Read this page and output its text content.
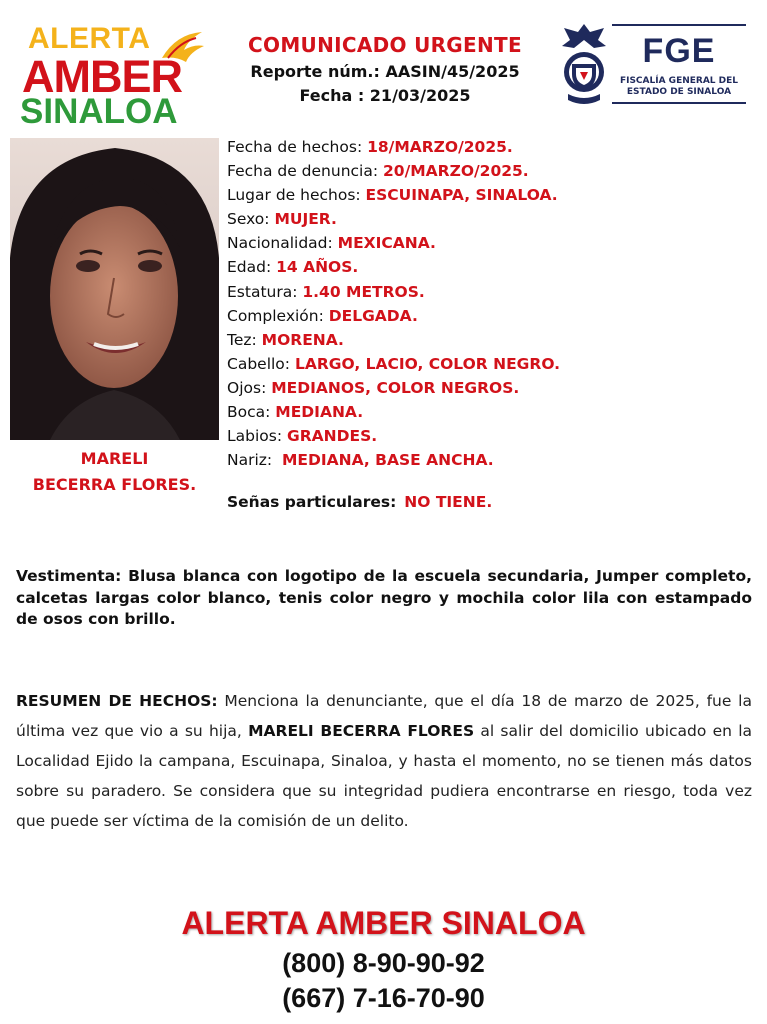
ALERTA
AMBER
SINALOA
COMUNICADO URGENTE
Reporte núm.: AASIN/45/2025
Fecha : 21/03/2025
FGE
FISCALÍA GENERAL DEL
ESTADO DE SINALOA
MARELI
BECERRA FLORES.
Fecha de hechos: 18/MARZO/2025.
Fecha de denuncia: 20/MARZO/2025.
Lugar de hechos: ESCUINAPA, SINALOA.
Sexo: MUJER.
Nacionalidad: MEXICANA.
Edad: 14 AÑOS.
Estatura: 1.40 METROS.
Complexión: DELGADA.
Tez: MORENA.
Cabello: LARGO, LACIO, COLOR NEGRO.
Ojos: MEDIANOS, COLOR NEGROS.
Boca: MEDIANA.
Labios: GRANDES.
Nariz:  MEDIANA, BASE ANCHA.
Señas particulares: NO TIENE.
Vestimenta: Blusa blanca con logotipo de la escuela secundaria, Jumper completo, calcetas largas color blanco, tenis color negro y mochila color lila con estampado de osos con brillo.
RESUMEN DE HECHOS: Menciona la denunciante, que el día 18 de marzo de 2025, fue la última vez que vio a su hija, MARELI BECERRA FLORES al salir del domicilio ubicado en la Localidad Ejido la campana, Escuinapa, Sinaloa, y hasta el momento, no se tienen más datos sobre su paradero. Se considera que su integridad pudiera encontrarse en riesgo, toda vez que puede ser víctima de la comisión de un delito.
ALERTA AMBER SINALOA
(800) 8-90-90-92
(667) 7-16-70-90
